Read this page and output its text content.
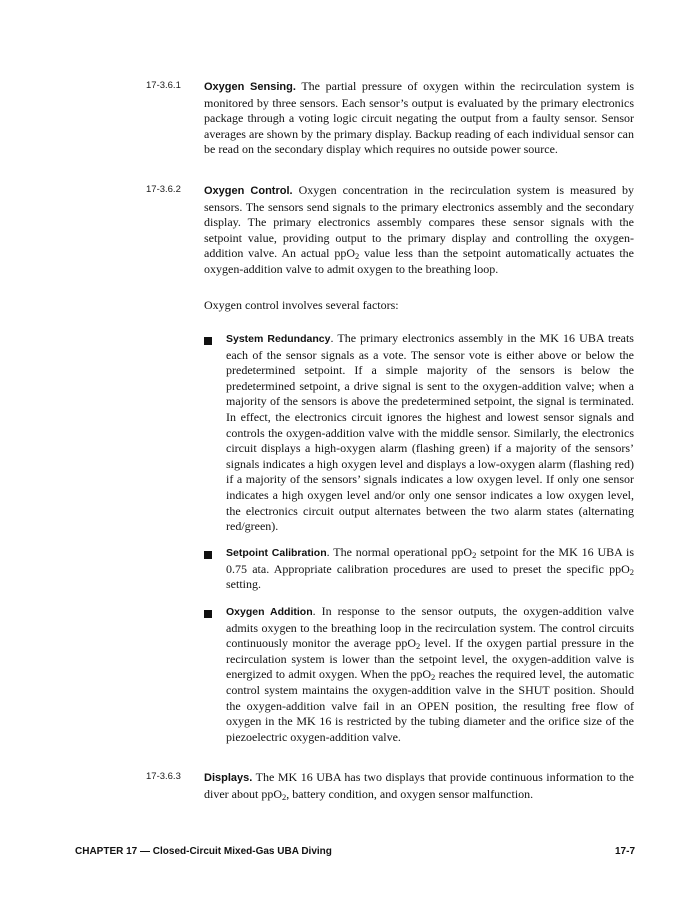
17-3.6.1 Oxygen Sensing. The partial pressure of oxygen within the recirculation system is monitored by three sensors. Each sensor’s output is evaluated by the primary electronics package through a voting logic circuit negating the output from a faulty sensor. Sensor averages are shown by the primary display. Backup reading of each individual sensor can be read on the secondary display which requires no outside power source.

17-3.6.2 Oxygen Control. Oxygen concentration in the recirculation system is measured by sensors. The sensors send signals to the primary electronics assembly and the secondary display. The primary electronics assembly compares these sensor signals with the setpoint value, providing output to the primary display and controlling the oxygen-addition valve. An actual ppO$_2$ value less than the setpoint automatically actuates the oxygen-addition valve to admit oxygen to the breathing loop.

Oxygen control involves several factors:

System Redundancy. The primary electronics assembly in the MK 16 UBA treats each of the sensor signals as a vote. The sensor vote is either above or below the predetermined setpoint. If a simple majority of the sensors is below the predetermined setpoint, a drive signal is sent to the oxygen-addition valve; when a majority of the sensors is above the predetermined setpoint, the signal is terminated. In effect, the electronics circuit ignores the highest and lowest sensor signals and controls the oxygen-addition valve with the middle sensor. Similarly, the electronics circuit displays a high-oxygen alarm (flashing green) if a majority of the sensors’ signals indicates a high oxygen level and displays a low-oxygen alarm (flashing red) if a majority of the sensors’ signals indicates a low oxygen level. If only one sensor indicates a high oxygen level and/or only one sensor indicates a low oxygen level, the electronics circuit output alternates between the two alarm states (alternating red/green).

Setpoint Calibration. The normal operational ppO$_2$ setpoint for the MK 16 UBA is 0.75 ata. Appropriate calibration procedures are used to preset the specific ppO$_2$ setting.

Oxygen Addition. In response to the sensor outputs, the oxygen-addition valve admits oxygen to the breathing loop in the recirculation system. The control circuits continuously monitor the average ppO$_2$ level. If the oxygen partial pressure in the recirculation system is lower than the setpoint level, the oxygen-addition valve is energized to admit oxygen. When the ppO$_2$ reaches the required level, the automatic control system maintains the oxygen-addition valve in the SHUT position. Should the oxygen-addition valve fail in an OPEN position, the resulting free flow of oxygen in the MK 16 is restricted by the tubing diameter and the orifice size of the piezoelectric oxygen-addition valve.

17-3.6.3 Displays. The MK 16 UBA has two displays that provide continuous information to the diver about ppO$_2$, battery condition, and oxygen sensor malfunction.

CHAPTER 17 — Closed-Circuit Mixed-Gas UBA Diving	17-7
